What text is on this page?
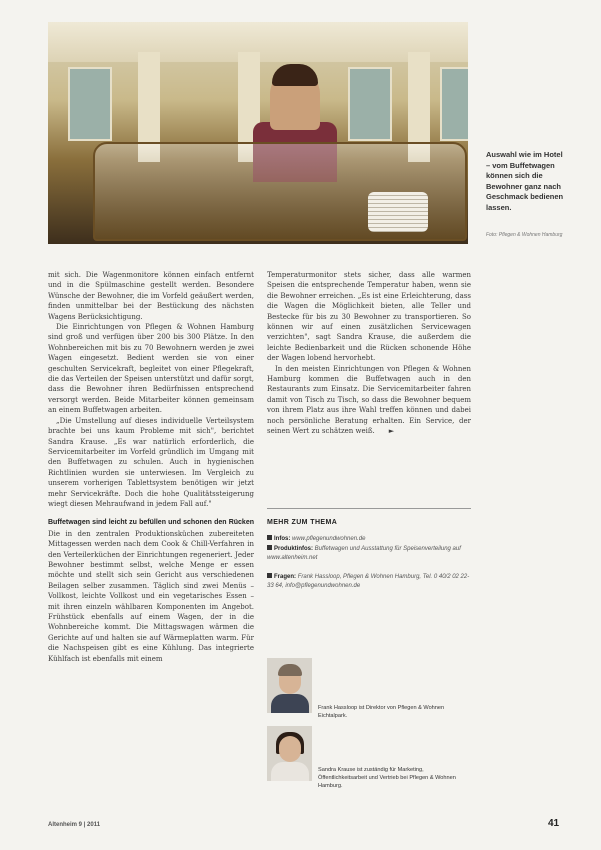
Auswahl wie im Hotel – vom Buffetwagen können sich die Bewohner ganz nach Geschmack bedienen lassen.
Foto: Pflegen & Wohnen Hamburg

mit sich. Die Wagenmonitore können einfach entfernt und in die Spülmaschine gestellt werden. Besondere Wünsche der Bewohner, die im Vorfeld geäußert werden, finden unmittelbar bei der Bestückung des nächsten Wagens Berücksichtigung.

Die Einrichtungen von Pflegen & Wohnen Hamburg sind groß und verfügen über 200 bis 300 Plätze. In den Wohnbereichen mit bis zu 70 Bewohnern werden je zwei Wagen eingesetzt. Bedient werden sie von einer geschulten Servicekraft, begleitet von einer Pflegekraft, die das Verteilen der Speisen unterstützt und dafür sorgt, dass die Bewohner ihren Bedürfnissen entsprechend versorgt werden. Beide Mitarbeiter können gemeinsam an einem Buffetwagen arbeiten.

„Die Umstellung auf dieses individuelle Verteilsystem brachte bei uns kaum Probleme mit sich", berichtet Sandra Krause. „Es war natürlich erforderlich, die Servicemitarbeiter im Vorfeld gründlich im Umgang mit den Buffetwagen zu schulen. Auch in hygienischen Richtlinien wurden sie unterwiesen. Im Vergleich zu unserem vorherigen Tablettsystem benötigen wir jetzt mehr Servicekräfte. Doch die hohe Qualitätssteigerung wiegt diesen Mehraufwand in jedem Fall auf."

Buffetwagen sind leicht zu befüllen und schonen den Rücken Die in den zentralen Produktionsküchen zubereiteten Mittagessen werden nach dem Cook & Chill-Verfahren in den Verteilerküchen der Einrichtungen regeneriert. Jeder Bewohner bestimmt selbst, welche Menge er essen möchte und stellt sich sein Gericht aus verschiedenen Beilagen selber zusammen. Täglich sind zwei Menüs – Vollkost, leichte Vollkost und ein vegetarisches Essen – mit ihren einzeln wählbaren Komponenten im Angebot. Frühstück ebenfalls auf einem Wagen, der in die Wohnbereiche kommt. Die Mittagswagen wärmen die Gerichte auf und halten sie auf Wärmeplatten warm. Für die Nachspeisen gibt es eine Kühlung. Das integrierte Kühlfach ist ebenfalls mit einem

Temperaturmonitor stets sicher, dass alle warmen Speisen die entsprechende Temperatur haben, wenn sie die Bewohner erreichen. „Es ist eine Erleichterung, dass die Wagen die Möglichkeit bieten, alle Teller und Bestecke für bis zu 30 Bewohner zu transportieren. So können wir auf einen zusätzlichen Servicewagen verzichten", sagt Sandra Krause, die außerdem die leichte Bedienbarkeit und die Rücken schonende Höhe der Wagen lobend hervorhebt.

In den meisten Einrichtungen von Pflegen & Wohnen Hamburg kommen die Buffetwagen auch in den Restaurants zum Einsatz. Die Servicemitarbeiter fahren damit von Tisch zu Tisch, so dass die Bewohner bequem von ihrem Platz aus ihre Wahl treffen können und dabei noch persönliche Beratung erhalten. Ein Service, der seinen Wert zu schätzen weiß. ►

MEHR ZUM THEMA
Infos: www.pflegenundwohnen.de
Produktinfos: Buffetwagen und Ausstattung für Speisenverteilung auf www.altenheim.net
Fragen: Frank Hassloop, Pflegen & Wohnen Hamburg, Tel. 0 40/2 02 22-33 64, info@pflegenundwohnen.de
Frank Hassloop ist Direktor von Pflegen & Wohnen Eichtalpark.
Sandra Krause ist zuständig für Marketing, Öffentlichkeitsarbeit und Vertrieb bei Pflegen & Wohnen Hamburg.
Altenheim 9 | 2011	41
